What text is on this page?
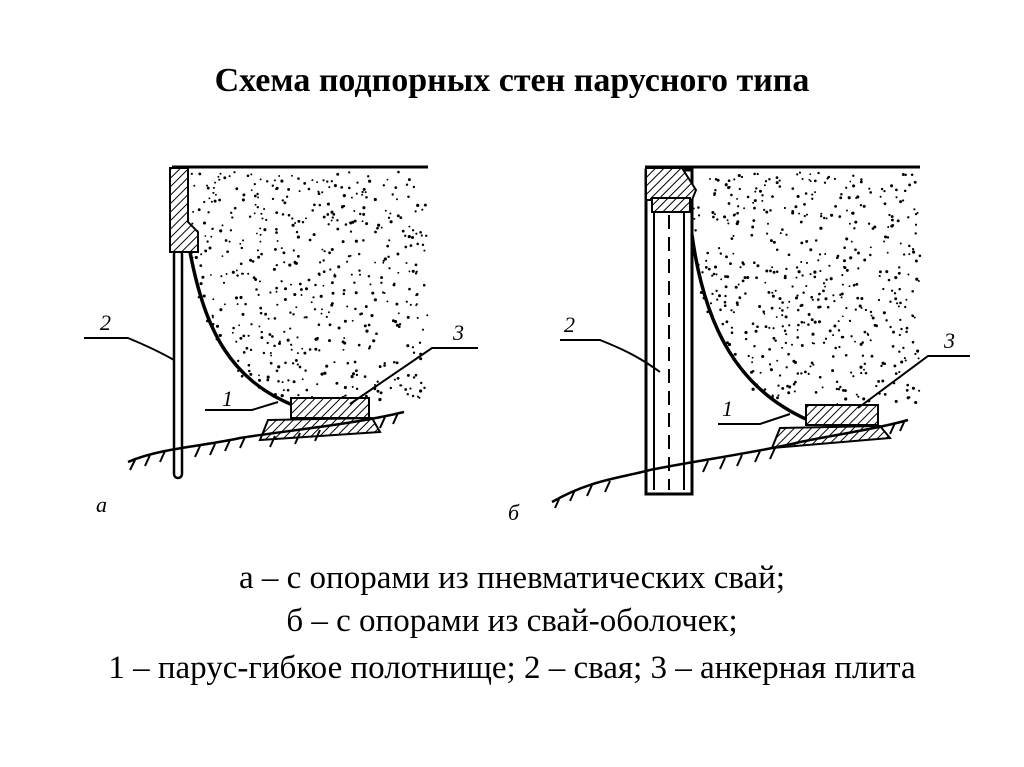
Схема подпорных стен парусного типа
2
1
3
а
2
1
3
б
а – с опорами из пневматических свай;
б – с опорами из свай-оболочек;
1 – парус-гибкое полотнище; 2 – свая; 3 – анкерная плита
